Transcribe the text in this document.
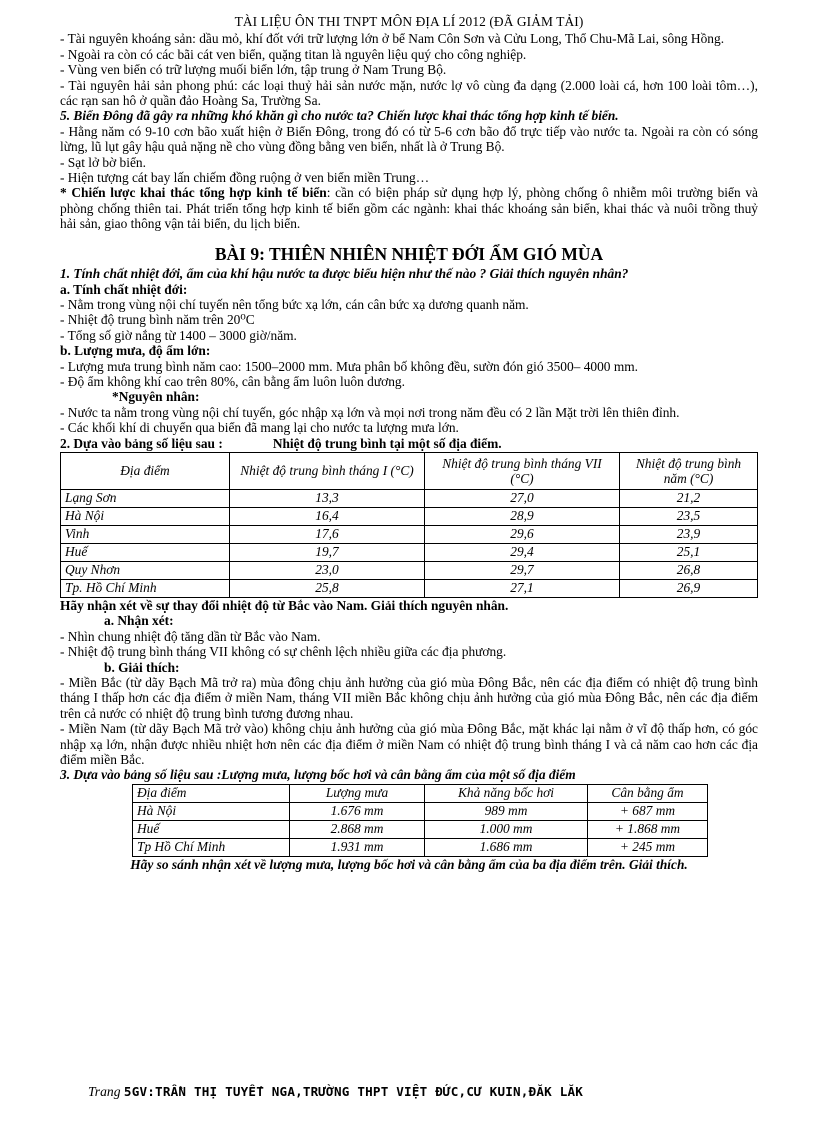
TÀI LIỆU ÔN THI TNPT MÔN ĐỊA LÍ 2012 (ĐÃ GIẢM TẢI)

- Tài nguyên khoáng sản: dầu mỏ, khí đốt với trữ lượng lớn ở bể Nam Côn Sơn và Cửu Long, Thổ Chu-Mã Lai, sông Hồng.

- Ngoài ra còn có các bãi cát ven biển, quặng titan là nguyên liệu quý cho công nghiệp.

- Vùng ven biển có trữ lượng muối biển lớn, tập trung ở Nam Trung Bộ.

- Tài nguyên hải sản phong phú: các loại thuỷ hải sản nước mặn, nước lợ vô cùng đa dạng (2.000 loài cá, hơn 100 loài tôm…), các rạn san hô ở quần đảo Hoàng Sa, Trường Sa.

5. Biển Đông đã gây ra những khó khăn gì cho nước ta? Chiến lược khai thác tổng hợp kinh tế biển.

- Hằng năm có 9-10 cơn bão xuất hiện ở Biển Đông, trong đó có từ 5-6 cơn bão đổ trực tiếp vào nước ta. Ngoài ra còn có sóng lừng, lũ lụt gây hậu quả nặng nề cho vùng đồng bằng ven biển, nhất là ở Trung Bộ.

- Sạt lở bờ biển.

- Hiện tượng cát bay lấn chiếm đồng ruộng ở ven biển miền Trung…

* Chiến lược khai thác tổng hợp kinh tế biển: cần có biện pháp sử dụng hợp lý, phòng chống ô nhiễm môi trường biển và phòng chống thiên tai. Phát triển tổng hợp kinh tế biển gồm các ngành: khai thác khoáng sản biển, khai thác và nuôi trồng thuỷ hải sản, giao thông vận tải biển, du lịch biển.

BÀI 9: THIÊN NHIÊN NHIỆT ĐỚI ẨM GIÓ MÙA

1. Tính chất nhiệt đới, ẩm của khí hậu nước ta được biểu hiện như thế nào ? Giải thích nguyên nhân?

a. Tính chất nhiệt đới:

- Nằm trong vùng nội chí tuyến nên tổng bức xạ lớn, cán cân bức xạ dương quanh năm.

- Nhiệt độ trung bình năm trên 20⁰C

- Tổng số giờ nắng từ 1400 – 3000 giờ/năm.

b. Lượng mưa, độ ẩm lớn:

- Lượng mưa trung bình năm cao: 1500–2000 mm. Mưa phân bố không đều, sườn đón gió 3500– 4000 mm.

- Độ ẩm không khí cao trên 80%, cân bằng ẩm luôn luôn dương.

*Nguyên nhân:

- Nước ta nằm trong vùng nội chí tuyến, góc nhập xạ lớn và mọi nơi trong năm đều có 2 lần Mặt trời lên thiên đỉnh.

- Các khối khí di chuyển qua biển đã mang lại cho nước ta lượng mưa lớn.

2. Dựa vào bảng số liệu sau :	Nhiệt độ trung bình tại một số địa điểm.

Địa điểm	Nhiệt độ trung bình tháng I (°C)	Nhiệt độ trung bình tháng VII (°C)	Nhiệt độ trung bình năm (°C)
Lạng Sơn	13,3	27,0	21,2
Hà Nội	16,4	28,9	23,5
Vinh	17,6	29,6	23,9
Huế	19,7	29,4	25,1
Quy Nhơn	23,0	29,7	26,8
Tp. Hồ Chí Minh	25,8	27,1	26,9

Hãy nhận xét về sự thay đổi nhiệt độ từ Bắc vào Nam. Giải thích nguyên nhân.

a. Nhận xét:

- Nhìn chung nhiệt độ tăng dần từ Bắc vào Nam.

- Nhiệt độ trung bình tháng VII không có sự chênh lệch nhiều giữa các địa phương.

b. Giải thích:

- Miền Bắc (từ dãy Bạch Mã trở ra) mùa đông chịu ảnh hưởng của gió mùa Đông Bắc, nên các địa điểm có nhiệt độ trung bình tháng I thấp hơn các địa điểm ở miền Nam, tháng VII miền Bắc không chịu ảnh hưởng của gió mùa Đông Bắc, nên các địa điểm trên cả nước có nhiệt độ trung bình tương đương nhau.

- Miền Nam (từ dãy Bạch Mã trở vào) không chịu ảnh hưởng của gió mùa Đông Bắc, mặt khác lại nằm ở vĩ độ thấp hơn, có góc nhập xạ lớn, nhận được nhiều nhiệt hơn nên các địa điểm ở miền Nam có nhiệt độ trung bình tháng I và cả năm cao hơn các địa điểm miền Bắc.

3. Dựa vào bảng số liệu sau :Lượng mưa, lượng bốc hơi và cân bằng ẩm của một số địa điểm

Địa điểm	Lượng mưa	Khả năng bốc hơi	Cân bằng ẩm
Hà Nội	1.676 mm	989 mm	+ 687 mm
Huế	2.868 mm	1.000 mm	+ 1.868 mm
Tp Hồ Chí Minh	1.931 mm	1.686 mm	+ 245 mm

Hãy so sánh nhận xét về lượng mưa, lượng bốc hơi và cân bằng ẩm của ba địa điểm trên. Giải thích.

Trang 5GV:TRẦN THỊ TUYẾT NGA,TRƯỜNG THPT VIỆT ĐỨC,CƯ KUIN,ĐĂK LĂK
